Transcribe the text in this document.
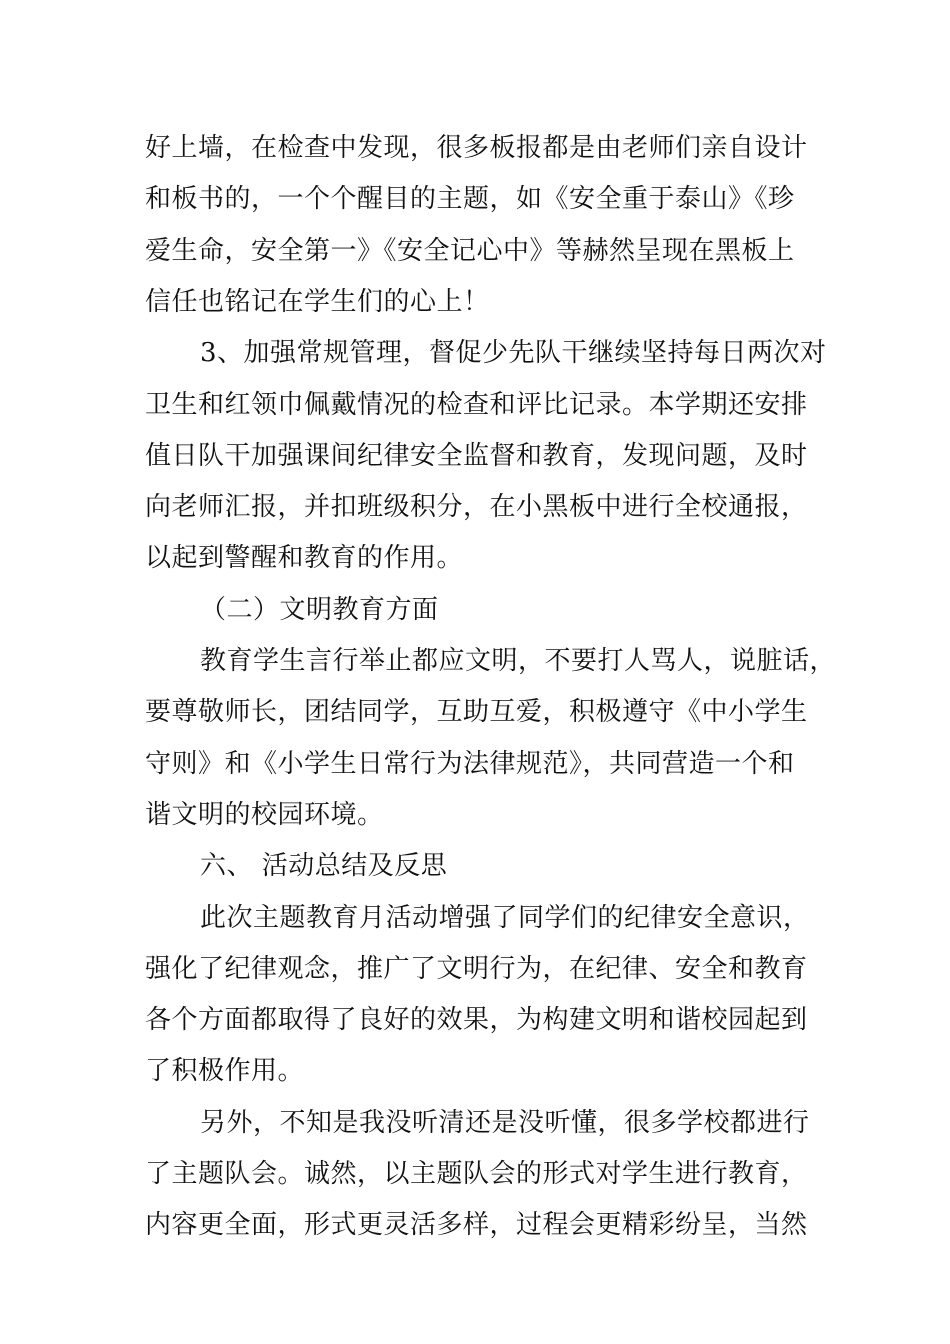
好上墙，在检查中发现，很多板报都是由老师们亲自设计
和板书的，一个个醒目的主题，如《安全重于泰山》《珍
爱生命，安全第一》《安全记心中》等赫然呈现在黑板上
信任也铭记在学生们的心上！
3、加强常规管理，督促少先队干继续坚持每日两次对
卫生和红领巾佩戴情况的检查和评比记录。本学期还安排
值日队干加强课间纪律安全监督和教育，发现问题，及时
向老师汇报，并扣班级积分，在小黑板中进行全校通报，
以起到警醒和教育的作用。
（二）文明教育方面
教育学生言行举止都应文明，不要打人骂人，说脏话，
要尊敬师长，团结同学，互助互爱，积极遵守《中小学生
守则》和《小学生日常行为法律规范》，共同营造一个和
谐文明的校园环境。
六、 活动总结及反思
此次主题教育月活动增强了同学们的纪律安全意识，
强化了纪律观念，推广了文明行为，在纪律、安全和教育
各个方面都取得了良好的效果，为构建文明和谐校园起到
了积极作用。
另外，不知是我没听清还是没听懂，很多学校都进行
了主题队会。诚然，以主题队会的形式对学生进行教育，
内容更全面，形式更灵活多样，过程会更精彩纷呈，当然
